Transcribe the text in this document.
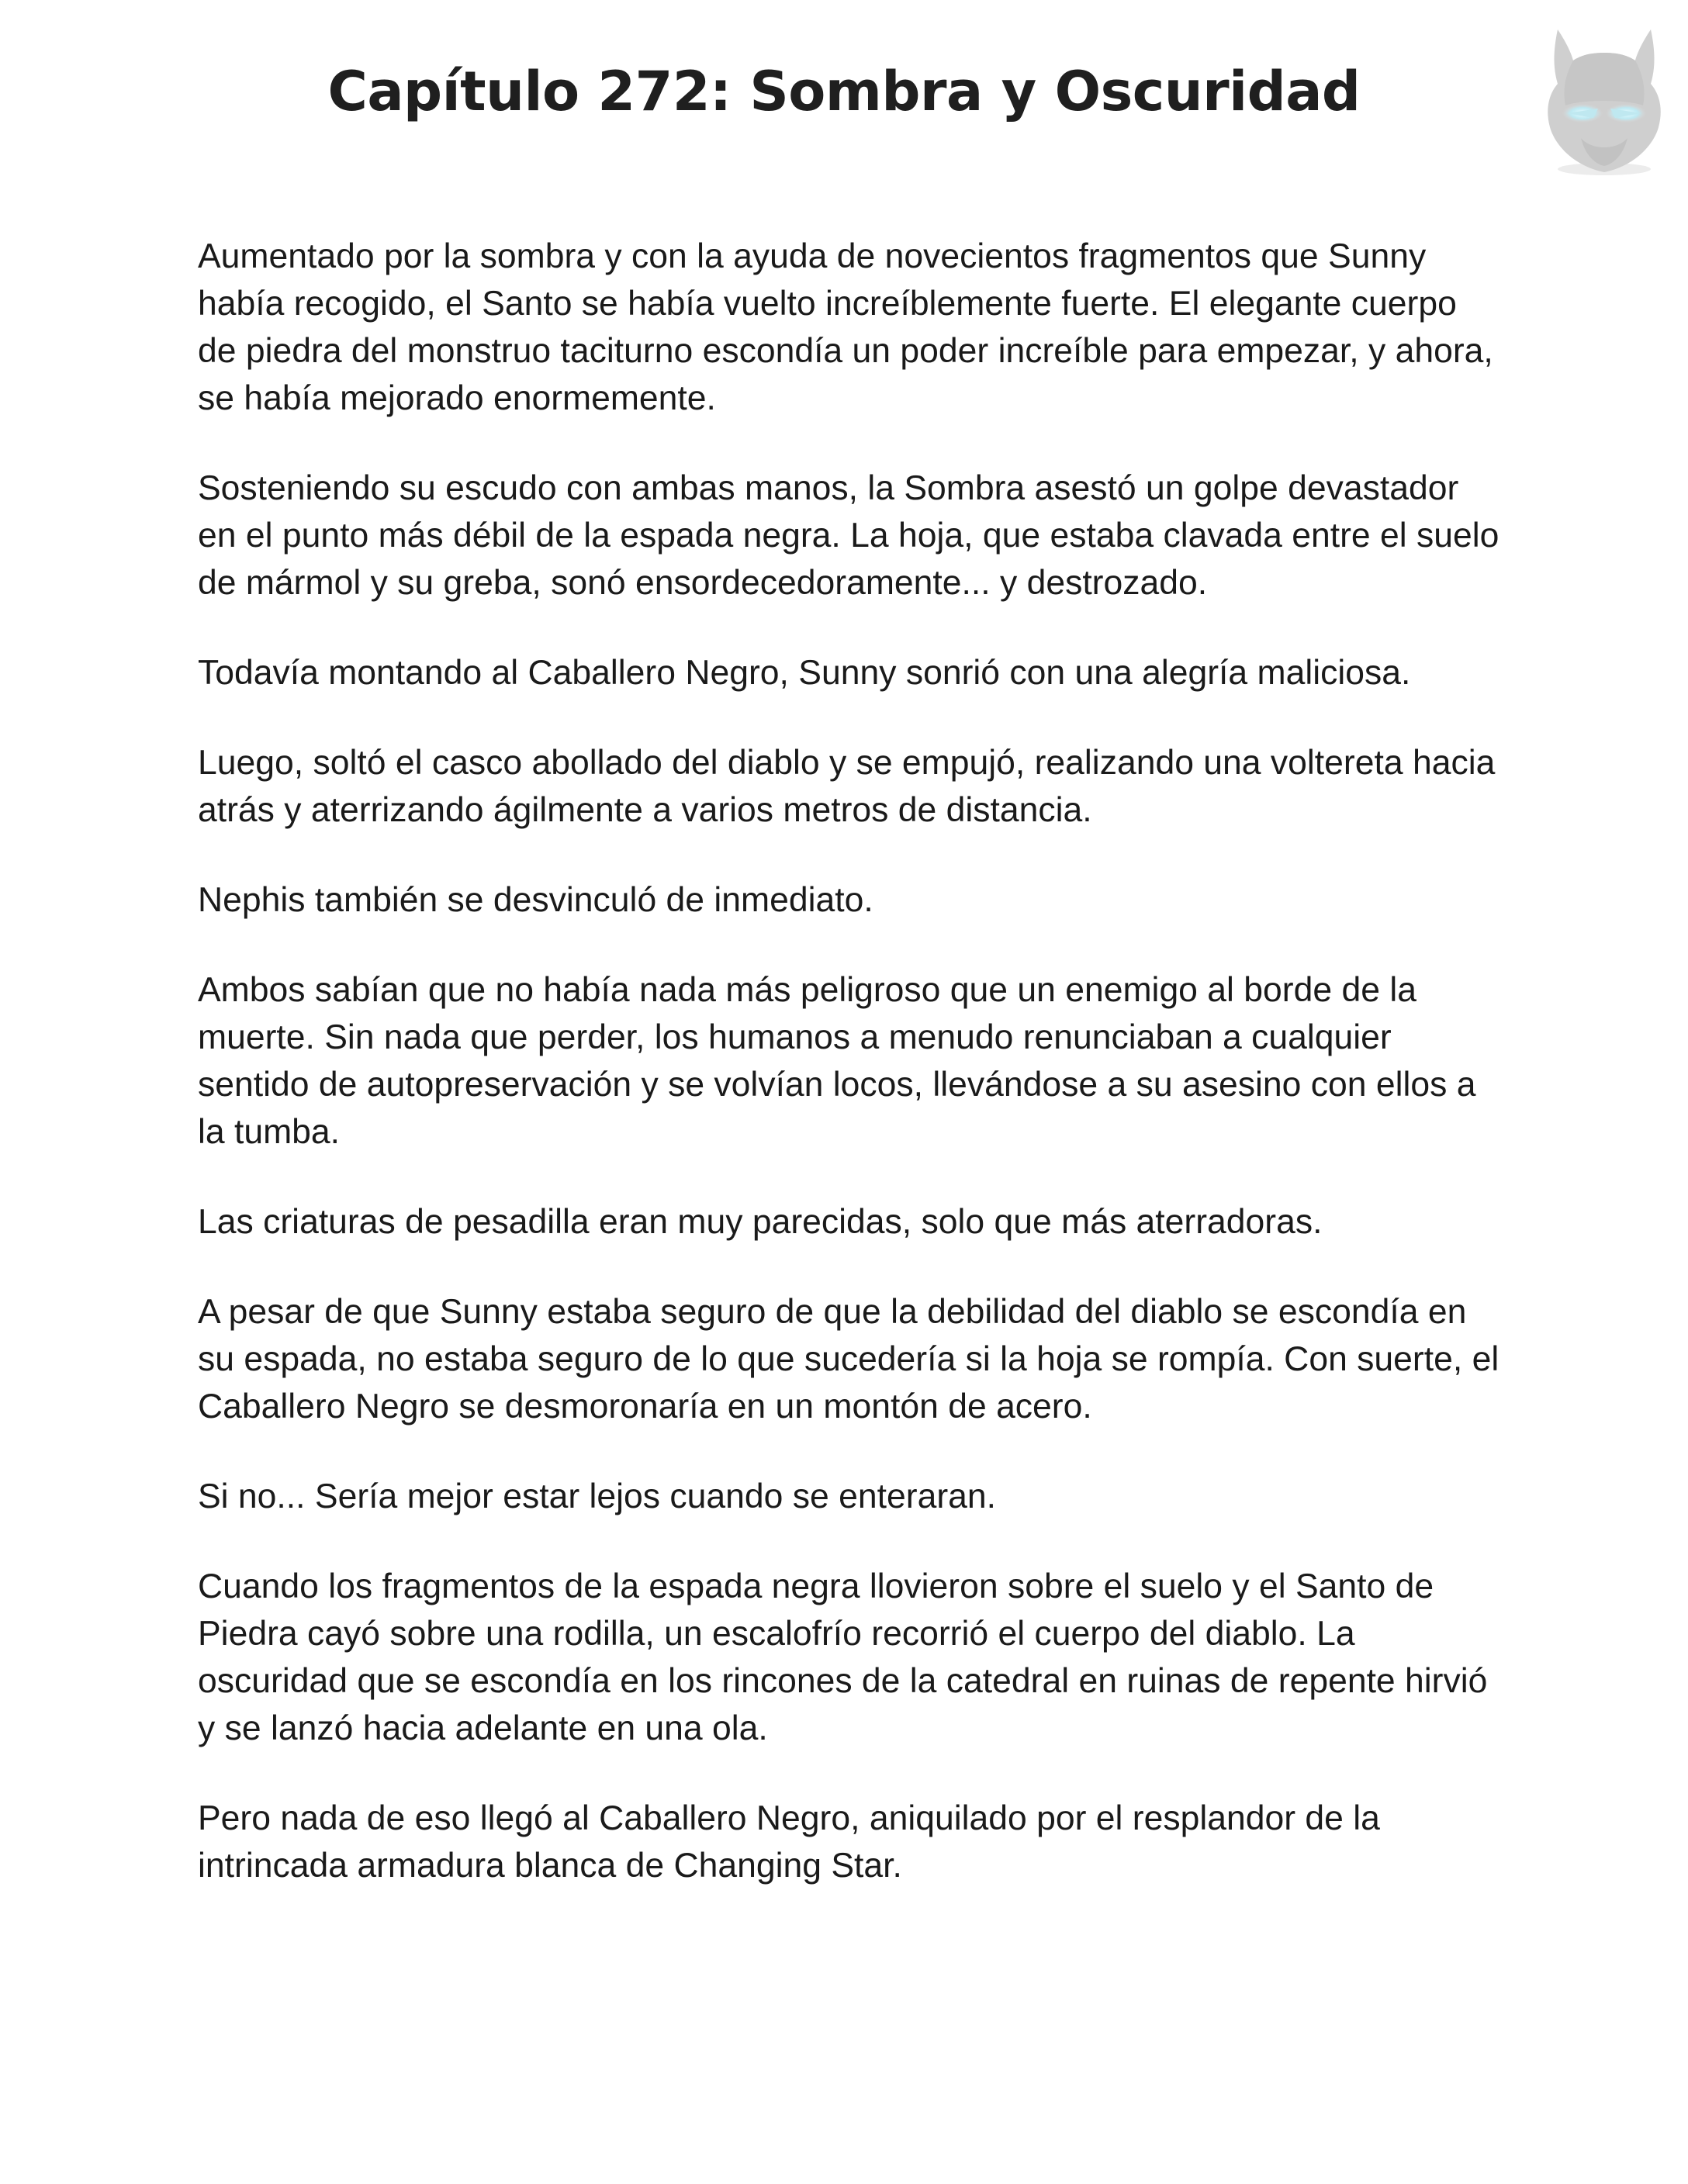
Capítulo 272: Sombra y Oscuridad

Aumentado por la sombra y con la ayuda de novecientos fragmentos que Sunny había recogido, el Santo se había vuelto increíblemente fuerte. El elegante cuerpo de piedra del monstruo taciturno escondía un poder increíble para empezar, y ahora, se había mejorado enormemente.

Sosteniendo su escudo con ambas manos, la Sombra asestó un golpe devastador en el punto más débil de la espada negra. La hoja, que estaba clavada entre el suelo de mármol y su greba, sonó ensordecedoramente... y destrozado.

Todavía montando al Caballero Negro, Sunny sonrió con una alegría maliciosa.

Luego, soltó el casco abollado del diablo y se empujó, realizando una voltereta hacia atrás y aterrizando ágilmente a varios metros de distancia.

Nephis también se desvinculó de inmediato.

Ambos sabían que no había nada más peligroso que un enemigo al borde de la muerte. Sin nada que perder, los humanos a menudo renunciaban a cualquier sentido de autopreservación y se volvían locos, llevándose a su asesino con ellos a la tumba.

Las criaturas de pesadilla eran muy parecidas, solo que más aterradoras.

A pesar de que Sunny estaba seguro de que la debilidad del diablo se escondía en su espada, no estaba seguro de lo que sucedería si la hoja se rompía. Con suerte, el Caballero Negro se desmoronaría en un montón de acero.

Si no... Sería mejor estar lejos cuando se enteraran.

Cuando los fragmentos de la espada negra llovieron sobre el suelo y el Santo de Piedra cayó sobre una rodilla, un escalofrío recorrió el cuerpo del diablo. La oscuridad que se escondía en los rincones de la catedral en ruinas de repente hirvió y se lanzó hacia adelante en una ola.

Pero nada de eso llegó al Caballero Negro, aniquilado por el resplandor de la intrincada armadura blanca de Changing Star.
